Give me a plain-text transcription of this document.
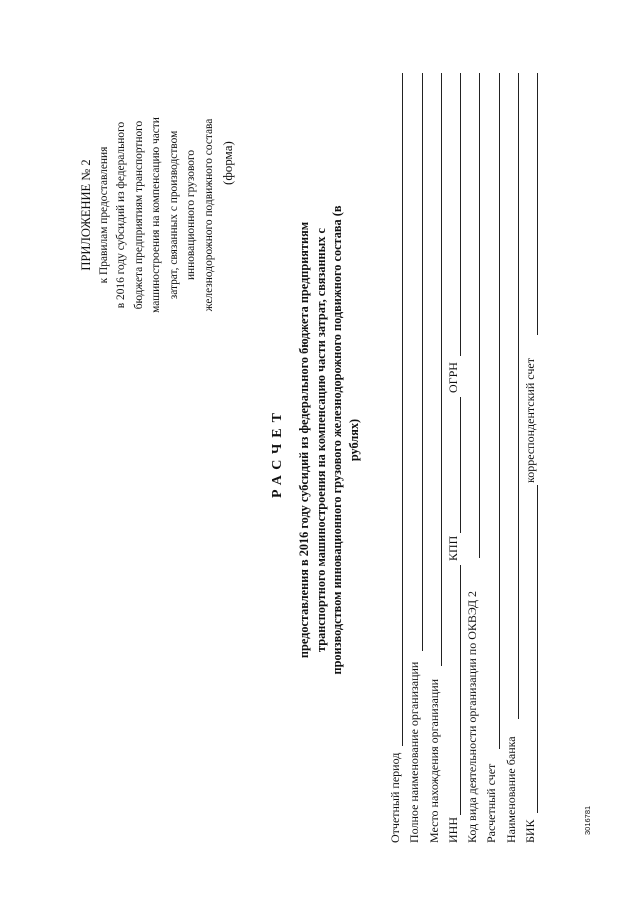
ПРИЛОЖЕНИЕ № 2 к Правилам предоставления в 2016 году субсидий из федерального бюджета предприятиям транспортного машиностроения на компенсацию части затрат, связанных с производством инновационного грузового железнодорожного подвижного состава (форма)
РАСЧЕТ предоставления в 2016 году субсидий из федерального бюджета предприятиям транспортного машиностроения на компенсацию части затрат, связанных с производством инновационного грузового железнодорожного подвижного состава (в рублях)
Отчетный период Полное наименование организации Место нахождения организации ИНН
КПП
ОГРН
Код вида деятельности организации по ОКВЭД 2 Расчетный счет Наименование банка БИК
корреспондентский счет
3016781
